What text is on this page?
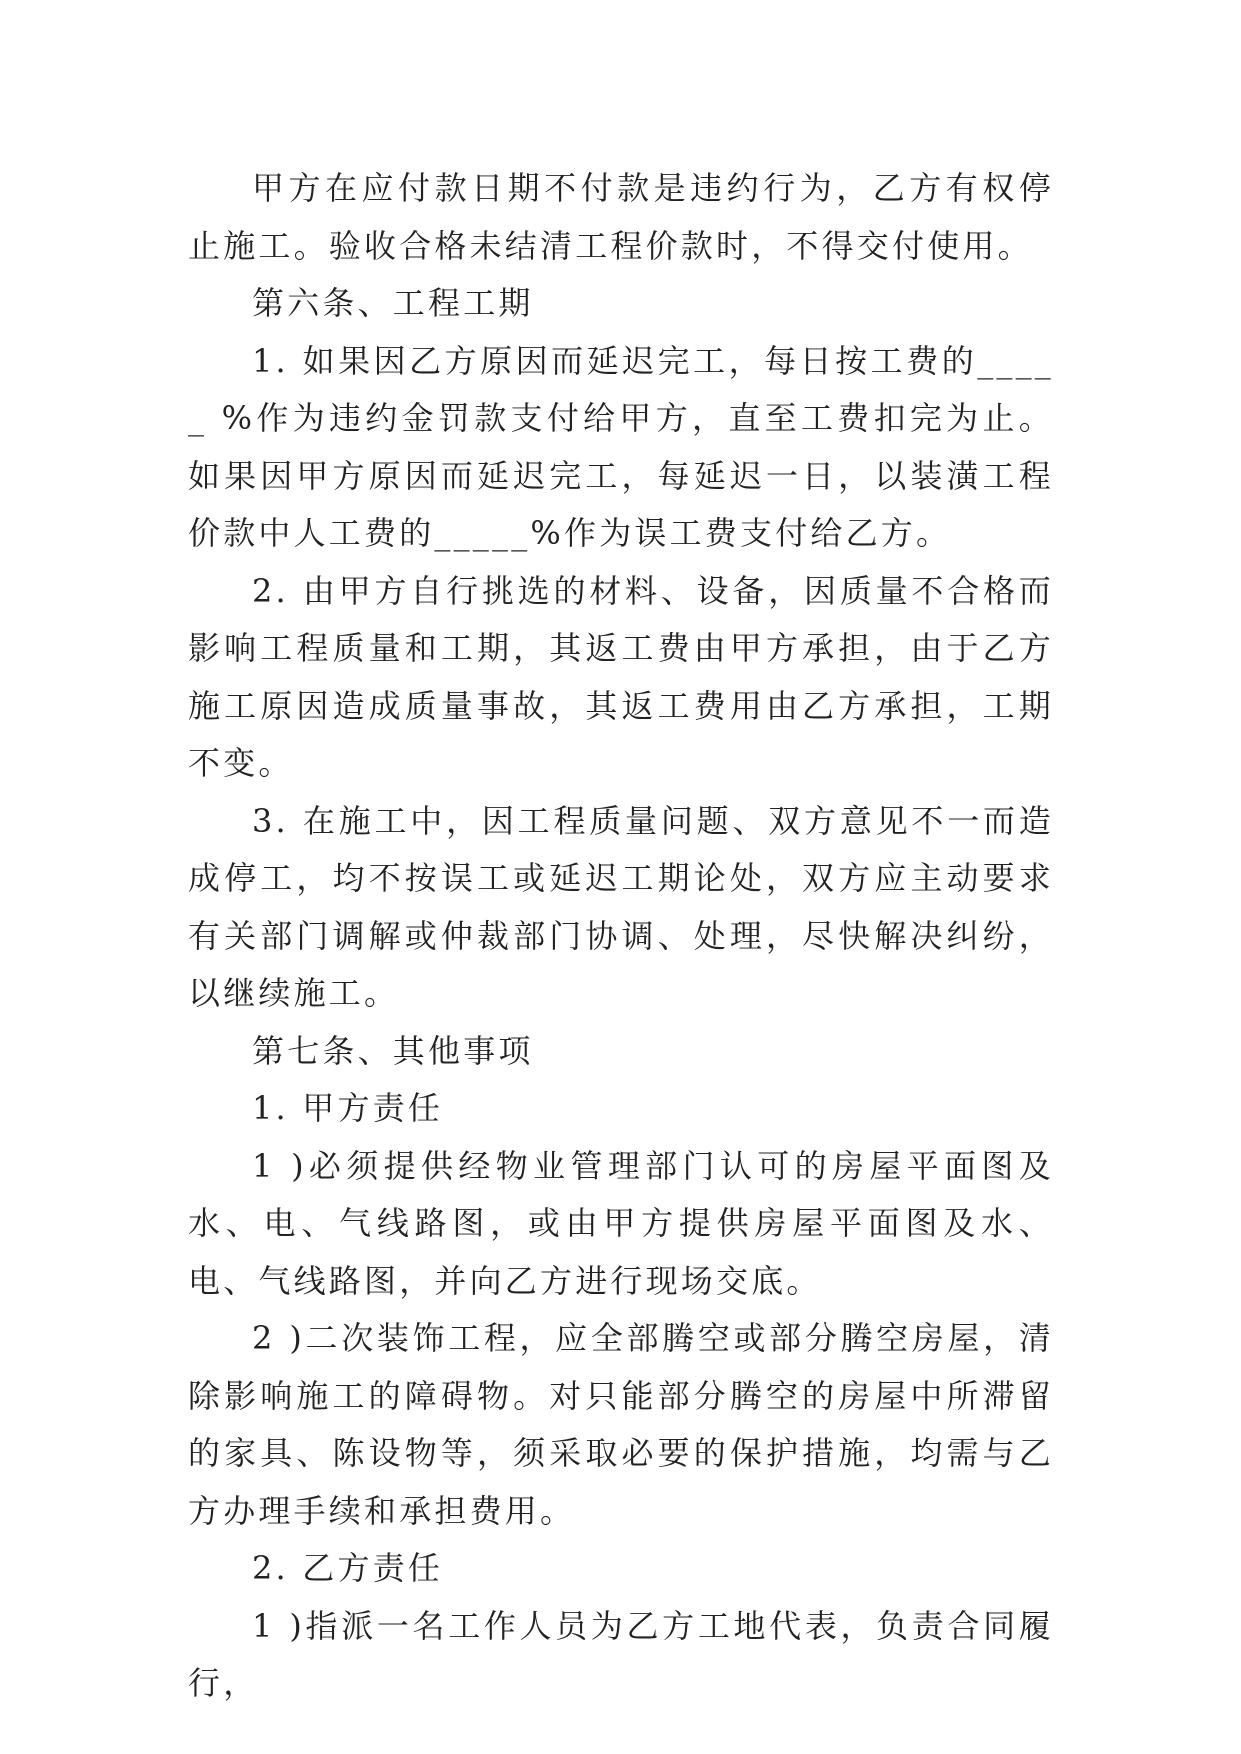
甲方在应付款日期不付款是违约行为，乙方有权停止施工。验收合格未结清工程价款时，不得交付使用。

第六条、工程工期

1. 如果因乙方原因而延迟完工，每日按工费的_____ %作为违约金罚款支付给甲方，直至工费扣完为止。如果因甲方原因而延迟完工，每延迟一日，以装潢工程价款中人工费的_____%作为误工费支付给乙方。

2. 由甲方自行挑选的材料、设备，因质量不合格而影响工程质量和工期，其返工费由甲方承担，由于乙方施工原因造成质量事故，其返工费用由乙方承担，工期不变。

3. 在施工中，因工程质量问题、双方意见不一而造成停工，均不按误工或延迟工期论处，双方应主动要求有关部门调解或仲裁部门协调、处理，尽快解决纠纷，以继续施工。

第七条、其他事项

1. 甲方责任

1 )必须提供经物业管理部门认可的房屋平面图及水、电、气线路图，或由甲方提供房屋平面图及水、电、气线路图，并向乙方进行现场交底。

2 )二次装饰工程，应全部腾空或部分腾空房屋，清除影响施工的障碍物。对只能部分腾空的房屋中所滞留的家具、陈设物等，须采取必要的保护措施，均需与乙方办理手续和承担费用。

2. 乙方责任

1 )指派一名工作人员为乙方工地代表，负责合同履行，
